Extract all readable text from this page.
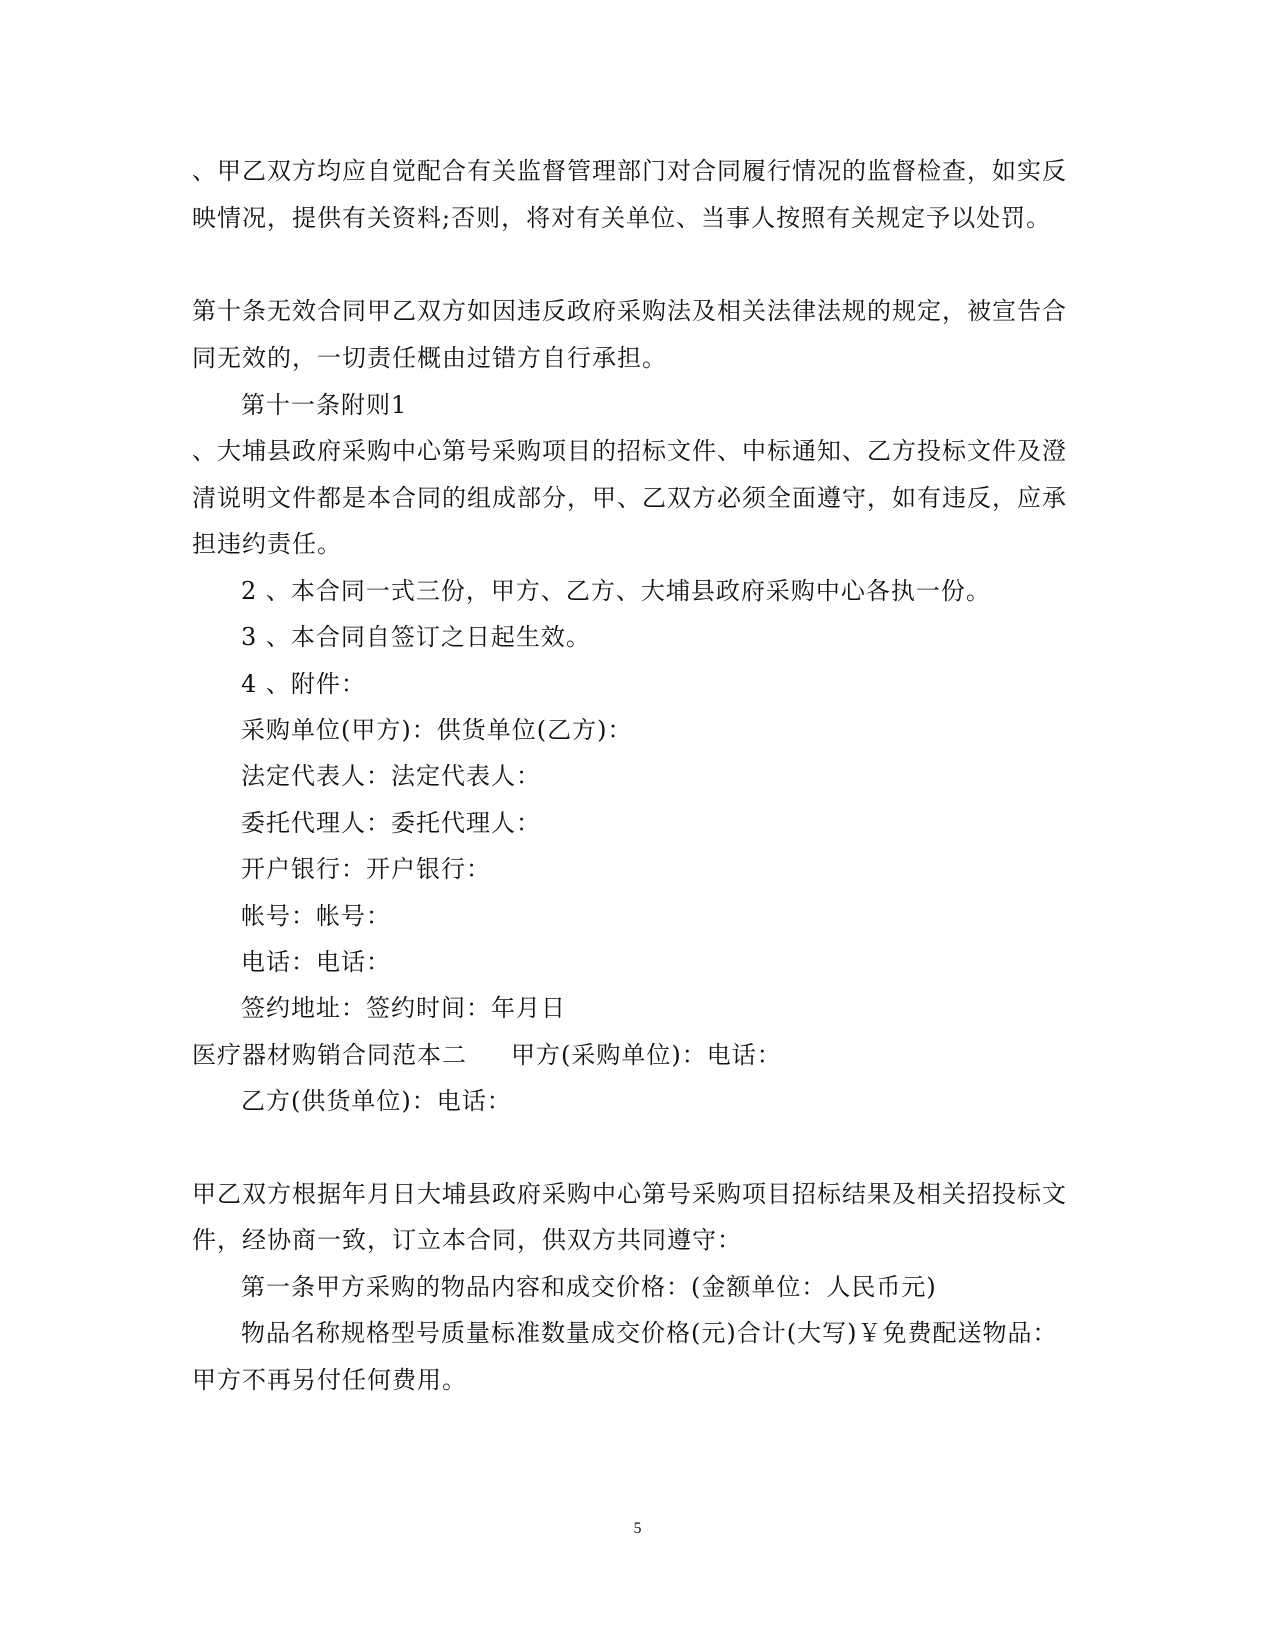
、甲乙双方均应自觉配合有关监督管理部门对合同履行情况的监督检查，如实反
映情况，提供有关资料;否则，将对有关单位、当事人按照有关规定予以处罚。
第十条无效合同甲乙双方如因违反政府采购法及相关法律法规的规定，被宣告合
同无效的，一切责任概由过错方自行承担。
第十一条附则1
、大埔县政府采购中心第号采购项目的招标文件、中标通知、乙方投标文件及澄
清说明文件都是本合同的组成部分，甲、乙双方必须全面遵守，如有违反，应承
担违约责任。
2 、本合同一式三份，甲方、乙方、大埔县政府采购中心各执一份。
3 、本合同自签订之日起生效。
4 、附件：
采购单位(甲方)：供货单位(乙方)：
法定代表人：法定代表人：
委托代理人：委托代理人：
开户银行：开户银行：
帐号：帐号：
电话：电话：
签约地址：签约时间：年月日
医疗器材购销合同范本二 甲方(采购单位)：电话：
乙方(供货单位)：电话：
甲乙双方根据年月日大埔县政府采购中心第号采购项目招标结果及相关招投标文
件，经协商一致，订立本合同，供双方共同遵守：
第一条甲方采购的物品内容和成交价格：(金额单位：人民币元)
物品名称规格型号质量标准数量成交价格(元)合计(大写)￥免费配送物品：
甲方不再另付任何费用。
5
